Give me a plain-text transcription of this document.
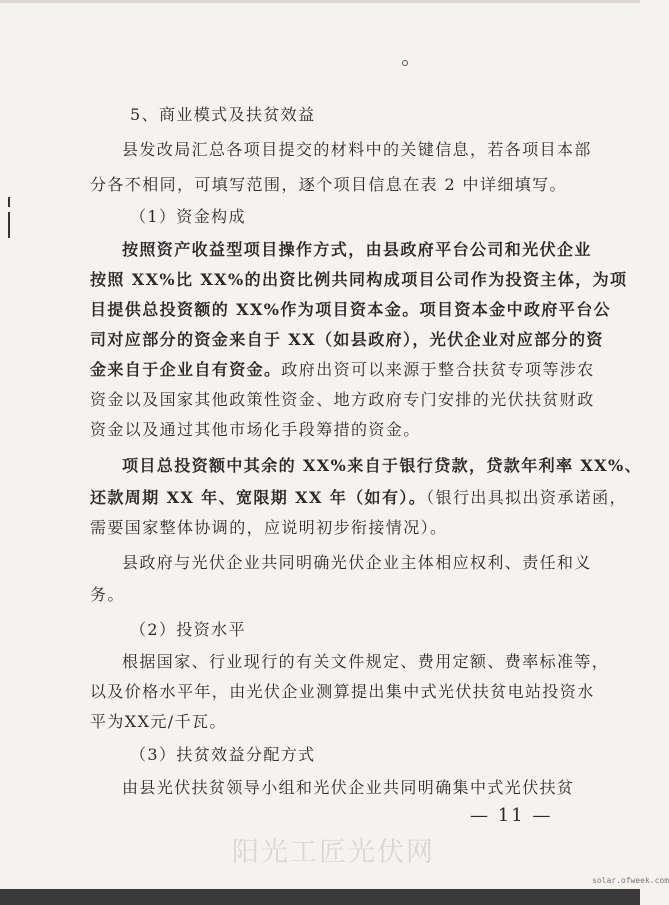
5、商业模式及扶贫效益
县发改局汇总各项目提交的材料中的关键信息，若各项目本部
分各不相同，可填写范围，逐个项目信息在表 2 中详细填写。
（1）资金构成
按照资产收益型项目操作方式，由县政府平台公司和光伏企业
按照 XX%比 XX%的出资比例共同构成项目公司作为投资主体，为项
目提供总投资额的 XX%作为项目资本金。项目资本金中政府平台公
司对应部分的资金来自于 XX（如县政府），光伏企业对应部分的资
金来自于企业自有资金。政府出资可以来源于整合扶贫专项等涉农
资金以及国家其他政策性资金、地方政府专门安排的光伏扶贫财政
资金以及通过其他市场化手段筹措的资金。
项目总投资额中其余的 XX%来自于银行贷款，贷款年利率 XX%、
还款周期 XX 年、宽限期 XX 年（如有）。（银行出具拟出资承诺函，
需要国家整体协调的，应说明初步衔接情况）。
县政府与光伏企业共同明确光伏企业主体相应权利、责任和义
务。
（2）投资水平
根据国家、行业现行的有关文件规定、费用定额、费率标准等，
以及价格水平年，由光伏企业测算提出集中式光伏扶贫电站投资水
平为XX元/千瓦。
（3）扶贫效益分配方式
由县光伏扶贫领导小组和光伏企业共同明确集中式光伏扶贫
— 11 —
阳光工匠光伏网
solar.ofweek.com
